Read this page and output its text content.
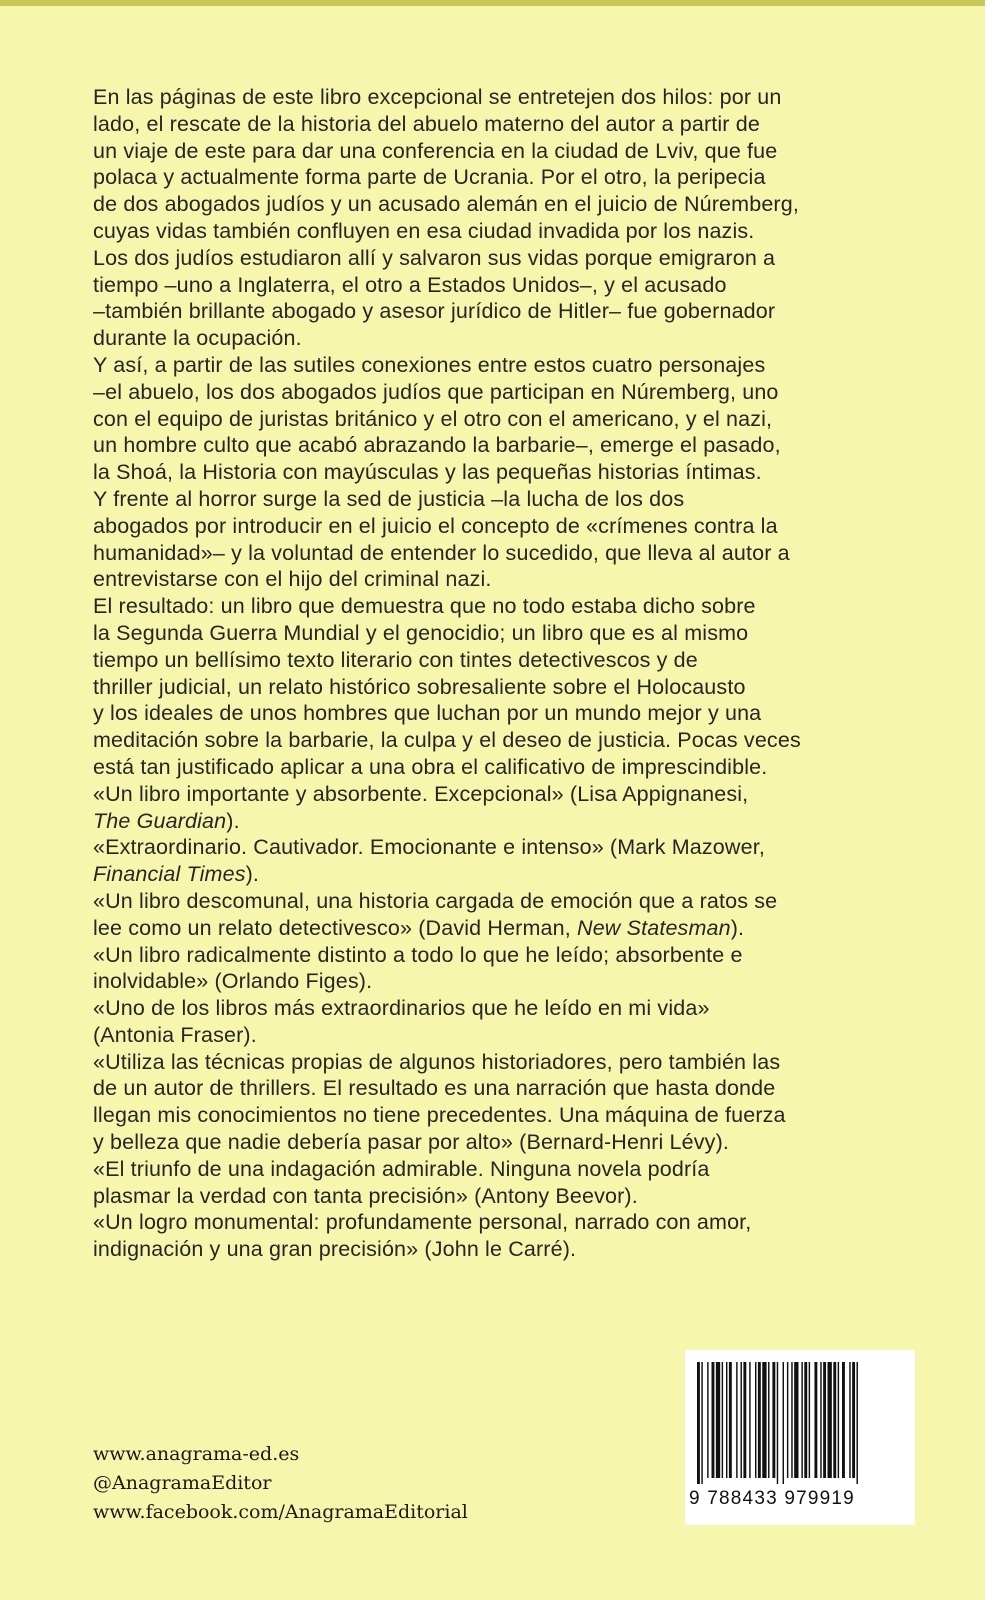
En las páginas de este libro excepcional se entretejen dos hilos: por un
lado, el rescate de la historia del abuelo materno del autor a partir de
un viaje de este para dar una conferencia en la ciudad de Lviv, que fue
polaca y actualmente forma parte de Ucrania. Por el otro, la peripecia
de dos abogados judíos y un acusado alemán en el juicio de Núremberg,
cuyas vidas también confluyen en esa ciudad invadida por los nazis.
Los dos judíos estudiaron allí y salvaron sus vidas porque emigraron a
tiempo –uno a Inglaterra, el otro a Estados Unidos–, y el acusado
–también brillante abogado y asesor jurídico de Hitler– fue gobernador
durante la ocupación.

Y así, a partir de las sutiles conexiones entre estos cuatro personajes
–el abuelo, los dos abogados judíos que participan en Núremberg, uno
con el equipo de juristas británico y el otro con el americano, y el nazi,
un hombre culto que acabó abrazando la barbarie–, emerge el pasado,
la Shoá, la Historia con mayúsculas y las pequeñas historias íntimas.

Y frente al horror surge la sed de justicia –la lucha de los dos
abogados por introducir en el juicio el concepto de «crímenes contra la
humanidad»– y la voluntad de entender lo sucedido, que lleva al autor a
entrevistarse con el hijo del criminal nazi.

El resultado: un libro que demuestra que no todo estaba dicho sobre
la Segunda Guerra Mundial y el genocidio; un libro que es al mismo
tiempo un bellísimo texto literario con tintes detectivescos y de
thriller judicial, un relato histórico sobresaliente sobre el Holocausto
y los ideales de unos hombres que luchan por un mundo mejor y una
meditación sobre la barbarie, la culpa y el deseo de justicia. Pocas veces
está tan justificado aplicar a una obra el calificativo de imprescindible.

«Un libro importante y absorbente. Excepcional» (Lisa Appignanesi,
The Guardian).

«Extraordinario. Cautivador. Emocionante e intenso» (Mark Mazower,
Financial Times).

«Un libro descomunal, una historia cargada de emoción que a ratos se
lee como un relato detectivesco» (David Herman, New Statesman).

«Un libro radicalmente distinto a todo lo que he leído; absorbente e
inolvidable» (Orlando Figes).

«Uno de los libros más extraordinarios que he leído en mi vida»
(Antonia Fraser).

«Utiliza las técnicas propias de algunos historiadores, pero también las
de un autor de thrillers. El resultado es una narración que hasta donde
llegan mis conocimientos no tiene precedentes. Una máquina de fuerza
y belleza que nadie debería pasar por alto» (Bernard-Henri Lévy).

«El triunfo de una indagación admirable. Ninguna novela podría
plasmar la verdad con tanta precisión» (Antony Beevor).

«Un logro monumental: profundamente personal, narrado con amor,
indignación y una gran precisión» (John le Carré).

www.anagrama-ed.es
@AnagramaEditor
www.facebook.com/AnagramaEditorial
9 788433 979919
